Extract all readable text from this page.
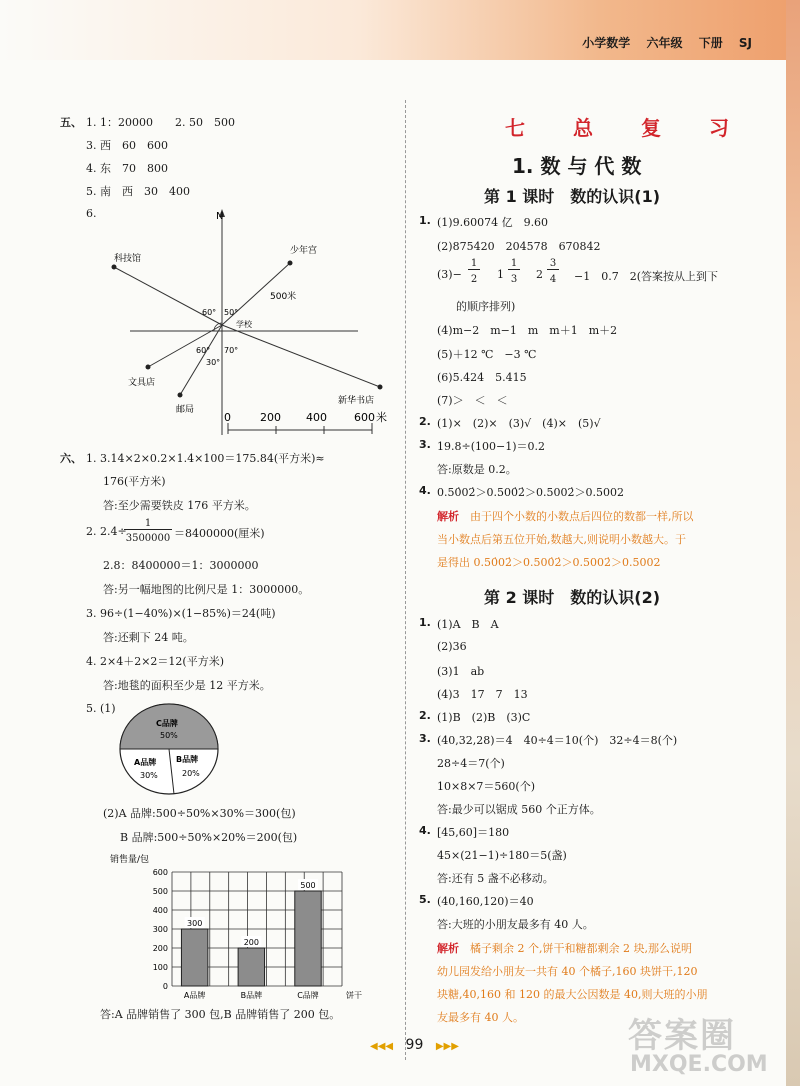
小学数学 六年级 下册 SJ
五、 1. 1：20000　　2. 50　500
3. 西　60　600
4. 东　70　800
5. 南　西　30　400
6.	N
科技馆
少年宫
500米
文具店
邮局
新华书店
60° 50°
学校
60° 70°
30°
0	200 400 600 米
六、 1. 3.14×2×0.2×1.4×100＝175.84(平方米)≈
176(平方米)
答:至少需要铁皮 176 平方米。
2. 2.4÷
1
3500000 ＝8400000(厘米)
2.8：8400000＝1：3000000
答:另一幅地图的比例尺是 1：3000000。
3. 96÷(1−40%)×(1−85%)＝24(吨)
答:还剩下 24 吨。
4. 2×4＋2×2＝12(平方米)
答:地毯的面积至少是 12 平方米。
5. (1)
C品牌
50%
A品牌
30%
B品牌
20%
(2)A 品牌:500÷50%×30%＝300(包)
B 品牌:500÷50%×20%＝200(包)
销售量/包
0
100
200
300
400
500
600
300
A品牌
200
B品牌
500
C品牌	饼干
答:A 品牌销售了 300 包,B 品牌销售了 200 包。
七　总　复　习
1. 数 与 代 数
第 1 课时　数的认识(1)
1. (1)9.60074 亿　9.60
(2)875420　204578　670842
(3)−
1
2 1
1
3 2
3
4 −1　0.7　2(答案按从上到下
的顺序排列)
(4)m−2　m−1　m　m＋1　m＋2
(5)＋12 ℃　−3 ℃
(6)5.424　5.415
(7)＞　＜　＜
2. (1)×　(2)×　(3)√　(4)×　(5)√
3. 19.8÷(100−1)＝0.2
答:原数是 0.2。
4. 0.50̇02̇＞0.500̇2̇＞0.5002̇＞0.5002
解析 由于四个小数的小数点后四位的数都一样,所以
当小数点后第五位开始,数越大,则说明小数越大。于
是得出 0.50̇02̇＞0.500̇2̇＞0.5002̇＞0.5002
第 2 课时　数的认识(2)
1. (1)A　B　A
(2)36
(3)1　ab
(4)3　17　7　13
2. (1)B　(2)B　(3)C
3. (40,32,28)＝4　40÷4＝10(个)　32÷4＝8(个)
28÷4＝7(个)
10×8×7＝560(个)
答:最少可以锯成 560 个正方体。
4. [45,60]＝180
45×(21−1)÷180＝5(盏)
答:还有 5 盏不必移动。
5. (40,160,120)＝40
答:大班的小朋友最多有 40 人。
解析 橘子剩余 2 个,饼干和糖都剩余 2 块,那么说明
幼儿园发给小朋友一共有 40 个橘子,160 块饼干,120
块糖,40,160 和 120 的最大公因数是 40,则大班的小朋
友最多有 40 人。
◀◀◀ 99 ▶▶▶	答案圈
MXQE.COM
